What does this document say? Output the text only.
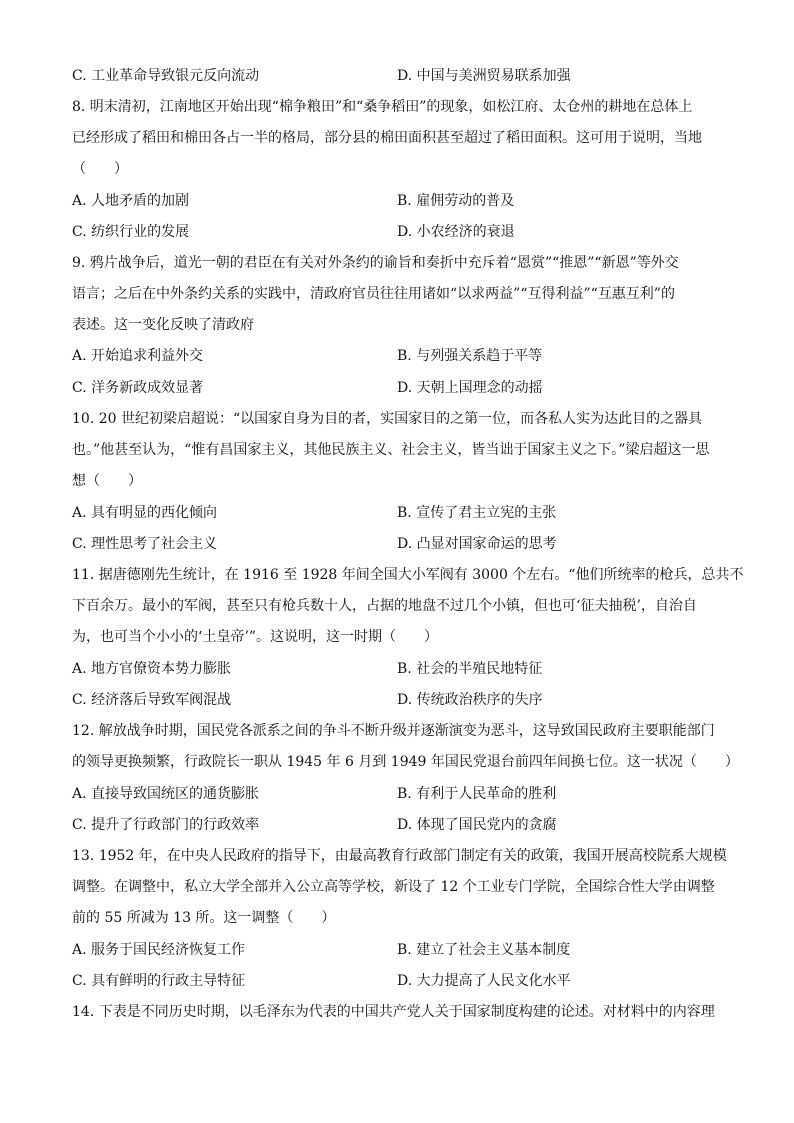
C. 工业革命导致银元反向流动	D. 中国与美洲贸易联系加强
8. 明末清初，江南地区开始出现“棉争粮田”和“桑争稻田”的现象，如松江府、太仓州的耕地在总体上
已经形成了稻田和棉田各占一半的格局，部分县的棉田面积甚至超过了稻田面积。这可用于说明，当地
（　　）
A. 人地矛盾的加剧	B. 雇佣劳动的普及
C. 纺织行业的发展	D. 小农经济的衰退
9. 鸦片战争后，道光一朝的君臣在有关对外条约的谕旨和奏折中充斥着“恩赏”“推恩”“新恩”等外交
语言；之后在中外条约关系的实践中，清政府官员往往用诸如“以求两益”“互得利益”“互惠互利”的
表述。这一变化反映了清政府
A. 开始追求利益外交	B. 与列强关系趋于平等
C. 洋务新政成效显著	D. 天朝上国理念的动摇
10. 20 世纪初梁启超说：“以国家自身为目的者，实国家目的之第一位，而各私人实为达此目的之器具
也。”他甚至认为，“惟有昌国家主义，其他民族主义、社会主义，皆当诎于国家主义之下。”梁启超这一思
想（　　）
A. 具有明显的西化倾向	B. 宣传了君主立宪的主张
C. 理性思考了社会主义	D. 凸显对国家命运的思考
11. 据唐德刚先生统计，在 1916 至 1928 年间全国大小军阀有 3000 个左右。“他们所统率的枪兵，总共不
下百余万。最小的军阀，甚至只有枪兵数十人，占据的地盘不过几个小镇，但也可‘征夫抽税’，自治自
为，也可当个小小的‘土皇帝’”。这说明，这一时期（　　）
A. 地方官僚资本势力膨胀	B. 社会的半殖民地特征
C. 经济落后导致军阀混战	D. 传统政治秩序的失序
12. 解放战争时期，国民党各派系之间的争斗不断升级并逐渐演变为恶斗，这导致国民政府主要职能部门
的领导更换频繁，行政院长一职从 1945 年 6 月到 1949 年国民党退台前四年间换七位。这一状况（　　）
A. 直接导致国统区的通货膨胀	B. 有利于人民革命的胜利
C. 提升了行政部门的行政效率	D. 体现了国民党内的贪腐
13. 1952 年，在中央人民政府的指导下，由最高教育行政部门制定有关的政策，我国开展高校院系大规模
调整。在调整中，私立大学全部并入公立高等学校，新设了 12 个工业专门学院，全国综合性大学由调整
前的 55 所减为 13 所。这一调整（　　）
A. 服务于国民经济恢复工作	B. 建立了社会主义基本制度
C. 具有鲜明的行政主导特征	D. 大力提高了人民文化水平
14. 下表是不同历史时期，以毛泽东为代表的中国共产党人关于国家制度构建的论述。对材料中的内容理
